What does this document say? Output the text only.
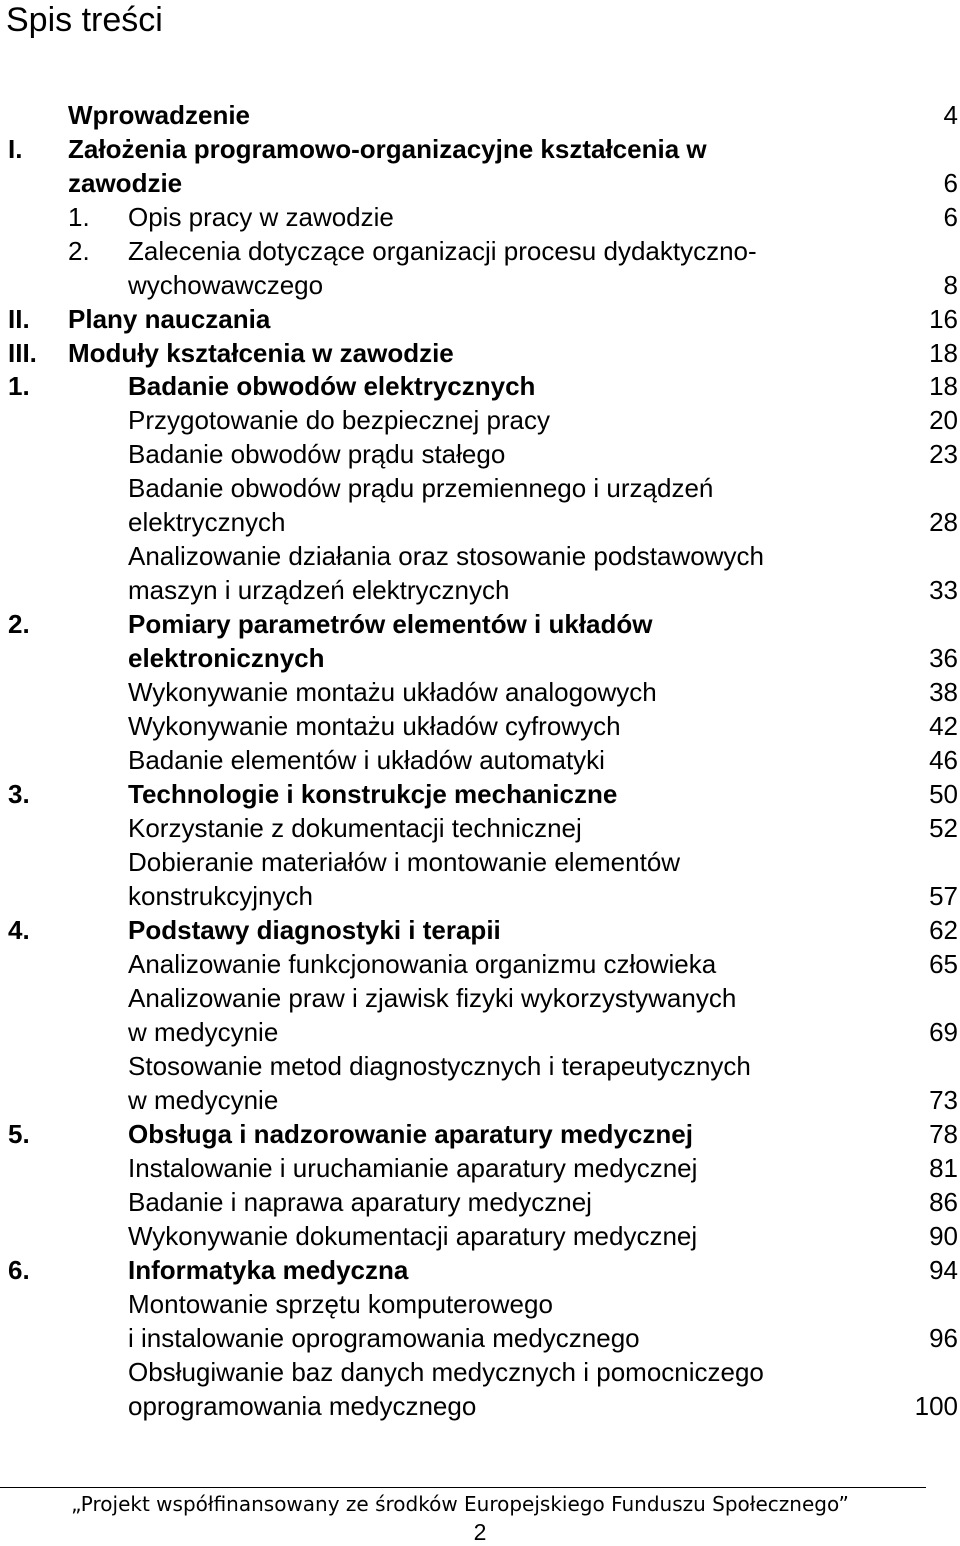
Spis treści
Wprowadzenie	4
I. Założenia programowo-organizacyjne kształcenia w
zawodzie	6
1. Opis pracy w zawodzie	6
2. Zalecenia dotyczące organizacji procesu dydaktyczno-
wychowawczego	8
II. Plany nauczania	16
III. Moduły kształcenia w zawodzie	18
1.	Badanie obwodów elektrycznych	18
Przygotowanie do bezpiecznej pracy	20
Badanie obwodów prądu stałego	23
Badanie obwodów prądu przemiennego i urządzeń
elektrycznych	28
Analizowanie działania oraz stosowanie podstawowych
maszyn i urządzeń elektrycznych	33
2.	Pomiary parametrów elementów i układów
elektronicznych	36
Wykonywanie montażu układów analogowych	38
Wykonywanie montażu układów cyfrowych	42
Badanie elementów i układów automatyki	46
3.	Technologie i konstrukcje mechaniczne	50
Korzystanie z dokumentacji technicznej	52
Dobieranie materiałów i montowanie elementów
konstrukcyjnych	57
4.	Podstawy diagnostyki i terapii	62
Analizowanie funkcjonowania organizmu człowieka	65
Analizowanie praw i zjawisk fizyki wykorzystywanych
w medycynie	69
Stosowanie metod diagnostycznych i terapeutycznych
w medycynie	73
5.	Obsługa i nadzorowanie aparatury medycznej	78
Instalowanie i uruchamianie aparatury medycznej	81
Badanie i naprawa aparatury medycznej	86
Wykonywanie dokumentacji aparatury medycznej	90
6.	Informatyka medyczna	94
Montowanie sprzętu komputerowego
i instalowanie oprogramowania medycznego	96
Obsługiwanie baz danych medycznych i pomocniczego
oprogramowania medycznego	100
„Projekt współfinansowany ze środków Europejskiego Funduszu Społecznego”
2
